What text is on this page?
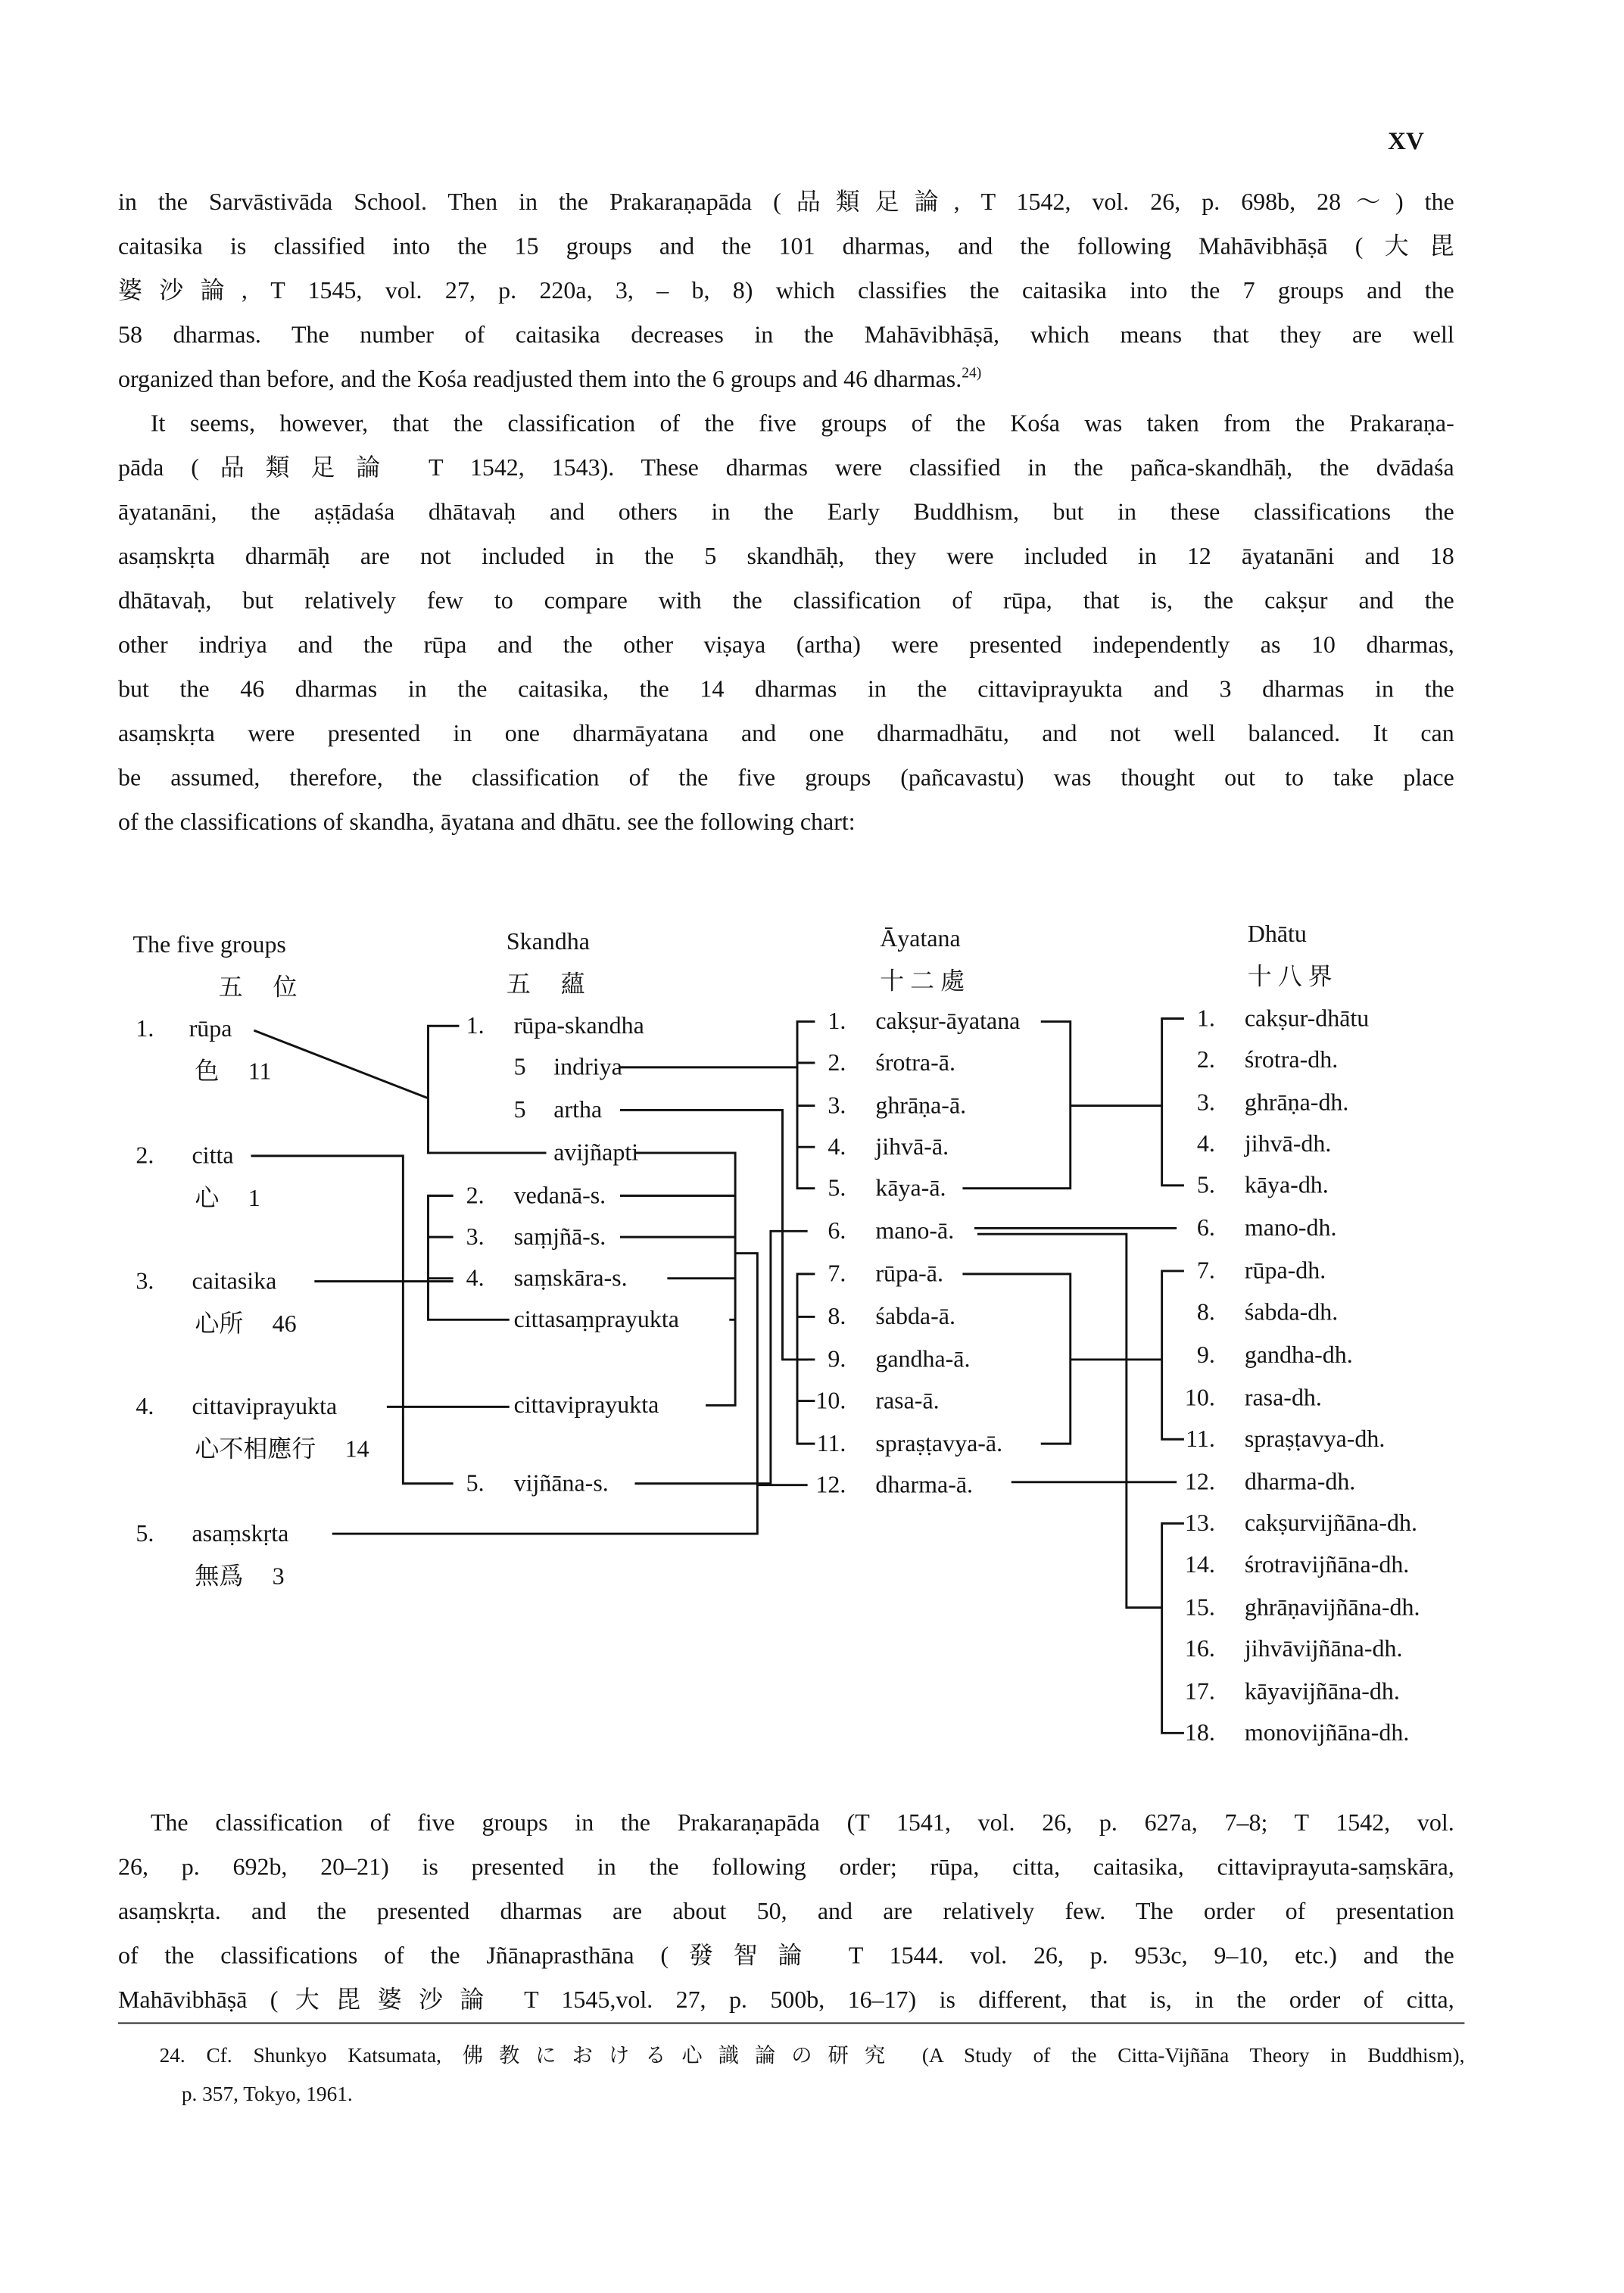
XV
in the Sarvāstivāda School. Then in the Prakaraṇapāda (品類足論, T 1542, vol. 26, p. 698b, 28～) the
caitasika is classified into the 15 groups and the 101 dharmas, and the following Mahāvibhāṣā (大毘
婆沙論, T 1545, vol. 27, p. 220a, 3, – b, 8) which classifies the caitasika into the 7 groups and the
58 dharmas. The number of caitasika decreases in the Mahāvibhāṣā, which means that they are well
organized than before, and the Kośa readjusted them into the 6 groups and 46 dharmas.$^{24)}$
It seems, however, that the classification of the five groups of the Kośa was taken from the Prakaraṇa-
pāda (品類足論 T 1542, 1543). These dharmas were classified in the pañca-skandhāḥ, the dvādaśa
āyatanāni, the aṣṭādaśa dhātavaḥ and others in the Early Buddhism, but in these classifications the
asaṃskṛta dharmāḥ are not included in the 5 skandhāḥ, they were included in 12 āyatanāni and 18
dhātavaḥ, but relatively few to compare with the classification of rūpa, that is, the cakṣur and the
other indriya and the rūpa and the other viṣaya (artha) were presented independently as 10 dharmas,
but the 46 dharmas in the caitasika, the 14 dharmas in the cittaviprayukta and 3 dharmas in the
asaṃskṛta were presented in one dharmāyatana and one dharmadhātu, and not well balanced. It can
be assumed, therefore, the classification of the five groups (pañcavastu) was thought out to take place
of the classifications of skandha, āyatana and dhātu. see the following chart:
The classification of five groups in the Prakaraṇapāda (T 1541, vol. 26, p. 627a, 7–8; T 1542, vol.
26, p. 692b, 20–21) is presented in the following order; rūpa, citta, caitasika, cittaviprayuta-saṃskāra,
asaṃskṛta. and the presented dharmas are about 50, and are relatively few. The order of presentation
of the classifications of the Jñānaprasthāna (發智論 T 1544. vol. 26, p. 953c, 9–10, etc.) and the
Mahāvibhāṣā (大毘婆沙論 T 1545,vol. 27, p. 500b, 16–17) is different, that is, in the order of citta,
24. Cf. Shunkyo Katsumata, 佛教における心識論の研究 (A Study of the Citta-Vijñāna Theory in Buddhism),
p. 357, Tokyo, 1961.
The five groups
五　 位
Skandha
五　 蘊
Āyatana
十 二 處
Dhātu
十 八 界
1.	rūpa
色 11
2.	citta
心 1
3.	caitasika
心所 46
4.	cittaviprayukta
心不相應行 14
5.	asaṃskṛta
無爲 3
1. rūpa-skandha
5 indriya
5 artha
avijñapti
2. vedanā-s.
3. saṃjñā-s.
4. saṃskāra-s.
cittasaṃprayukta
cittaviprayukta
5. vijñāna-s.
1. cakṣur-āyatana
2. śrotra-ā.
3. ghrāṇa-ā.
4. jihvā-ā.
5. kāya-ā.
6. mano-ā.
7. rūpa-ā.
8. śabda-ā.
9. gandha-ā.
10. rasa-ā.
11. spraṣṭavya-ā.
12. dharma-ā.
1. cakṣur-dhātu
2. śrotra-dh.
3. ghrāṇa-dh.
4. jihvā-dh.
5. kāya-dh.
6. mano-dh.
7. rūpa-dh.
8. śabda-dh.
9. gandha-dh.
10. rasa-dh.
11. spraṣṭavya-dh.
12. dharma-dh.
13. cakṣurvijñāna-dh.
14. śrotravijñāna-dh.
15. ghrāṇavijñāna-dh.
16. jihvāvijñāna-dh.
17. kāyavijñāna-dh.
18. monovijñāna-dh.
